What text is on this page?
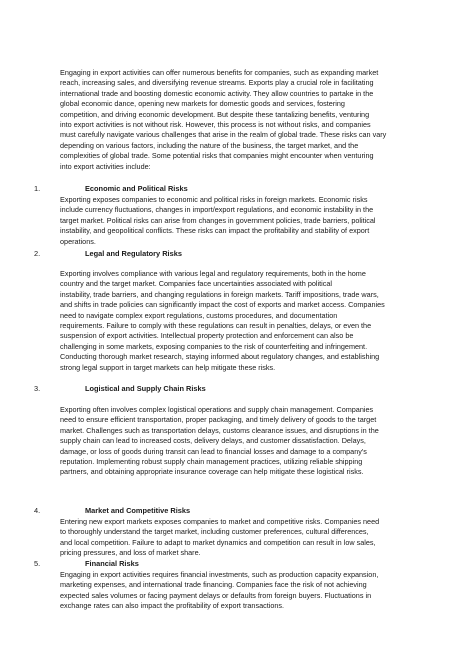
Engaging in export activities can offer numerous benefits for companies, such as expanding market
reach, increasing sales, and diversifying revenue streams. Exports play a crucial role in facilitating
international trade and boosting domestic economic activity. They allow countries to partake in the
global economic dance, opening new markets for domestic goods and services, fostering
competition, and driving economic development. But despite these tantalizing benefits, venturing
into export activities is not without risk. However, this process is not without risks, and companies
must carefully navigate various challenges that arise in the realm of global trade. These risks can vary
depending on various factors, including the nature of the business, the target market, and the
complexities of global trade. Some potential risks that companies might encounter when venturing
into export activities include:
1.	Economic and Political Risks
Exporting exposes companies to economic and political risks in foreign markets. Economic risks
include currency fluctuations, changes in import/export regulations, and economic instability in the
target market. Political risks can arise from changes in government policies, trade barriers, political
instability, and geopolitical conflicts. These risks can impact the profitability and stability of export
operations.
2.	Legal and Regulatory Risks
Exporting involves compliance with various legal and regulatory requirements, both in the home
country and the target market. Companies face uncertainties associated with political
instability, trade barriers, and changing regulations in foreign markets. Tariff impositions, trade wars,
and shifts in trade policies can significantly impact the cost of exports and market access. Companies
need to navigate complex export regulations, customs procedures, and documentation
requirements. Failure to comply with these regulations can result in penalties, delays, or even the
suspension of export activities. Intellectual property protection and enforcement can also be
challenging in some markets, exposing companies to the risk of counterfeiting and infringement.
Conducting thorough market research, staying informed about regulatory changes, and establishing
strong legal support in target markets can help mitigate these risks.
3.	Logistical and Supply Chain Risks
Exporting often involves complex logistical operations and supply chain management. Companies
need to ensure efficient transportation, proper packaging, and timely delivery of goods to the target
market. Challenges such as transportation delays, customs clearance issues, and disruptions in the
supply chain can lead to increased costs, delivery delays, and customer dissatisfaction. Delays,
damage, or loss of goods during transit can lead to financial losses and damage to a company's
reputation. Implementing robust supply chain management practices, utilizing reliable shipping
partners, and obtaining appropriate insurance coverage can help mitigate these logistical risks.
4.	Market and Competitive Risks
Entering new export markets exposes companies to market and competitive risks. Companies need
to thoroughly understand the target market, including customer preferences, cultural differences,
and local competition. Failure to adapt to market dynamics and competition can result in low sales,
pricing pressures, and loss of market share.
5.	Financial Risks
Engaging in export activities requires financial investments, such as production capacity expansion,
marketing expenses, and international trade financing. Companies face the risk of not achieving
expected sales volumes or facing payment delays or defaults from foreign buyers. Fluctuations in
exchange rates can also impact the profitability of export transactions.
